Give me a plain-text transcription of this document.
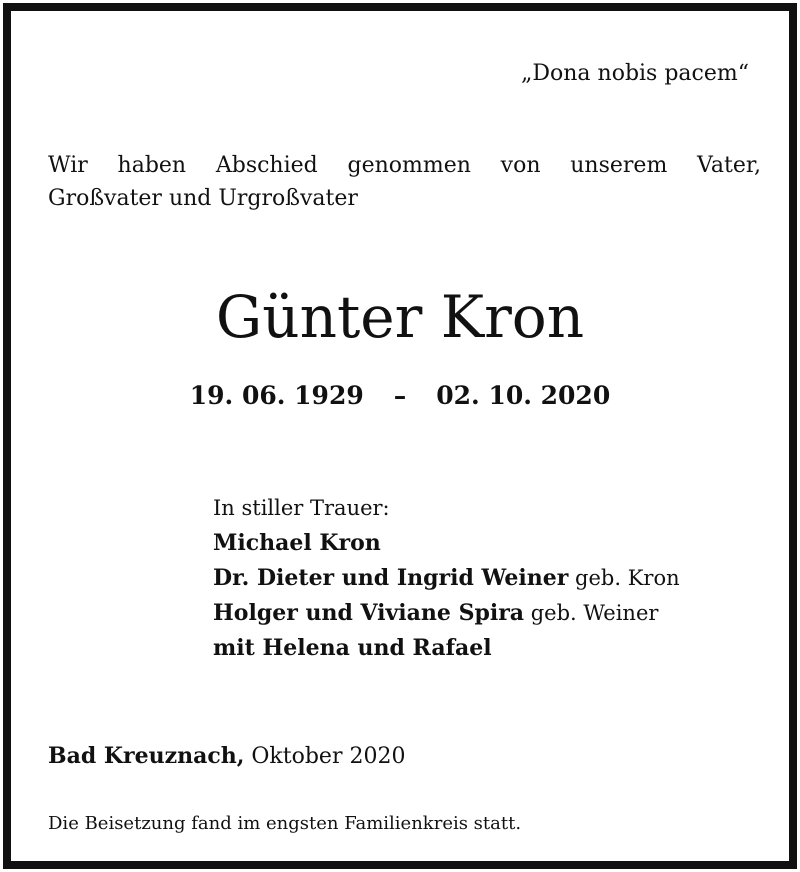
„Dona nobis pacem“
Wir haben Abschied genommen von unserem Vater,
Großvater und Urgroßvater
Günter Kron
19. 06. 1929 – 02. 10. 2020
In stiller Trauer:
Michael Kron
Dr. Dieter und Ingrid Weiner geb. Kron
Holger und Viviane Spira geb. Weiner
mit Helena und Rafael
Bad Kreuznach, Oktober 2020
Die Beisetzung fand im engsten Familienkreis statt.
